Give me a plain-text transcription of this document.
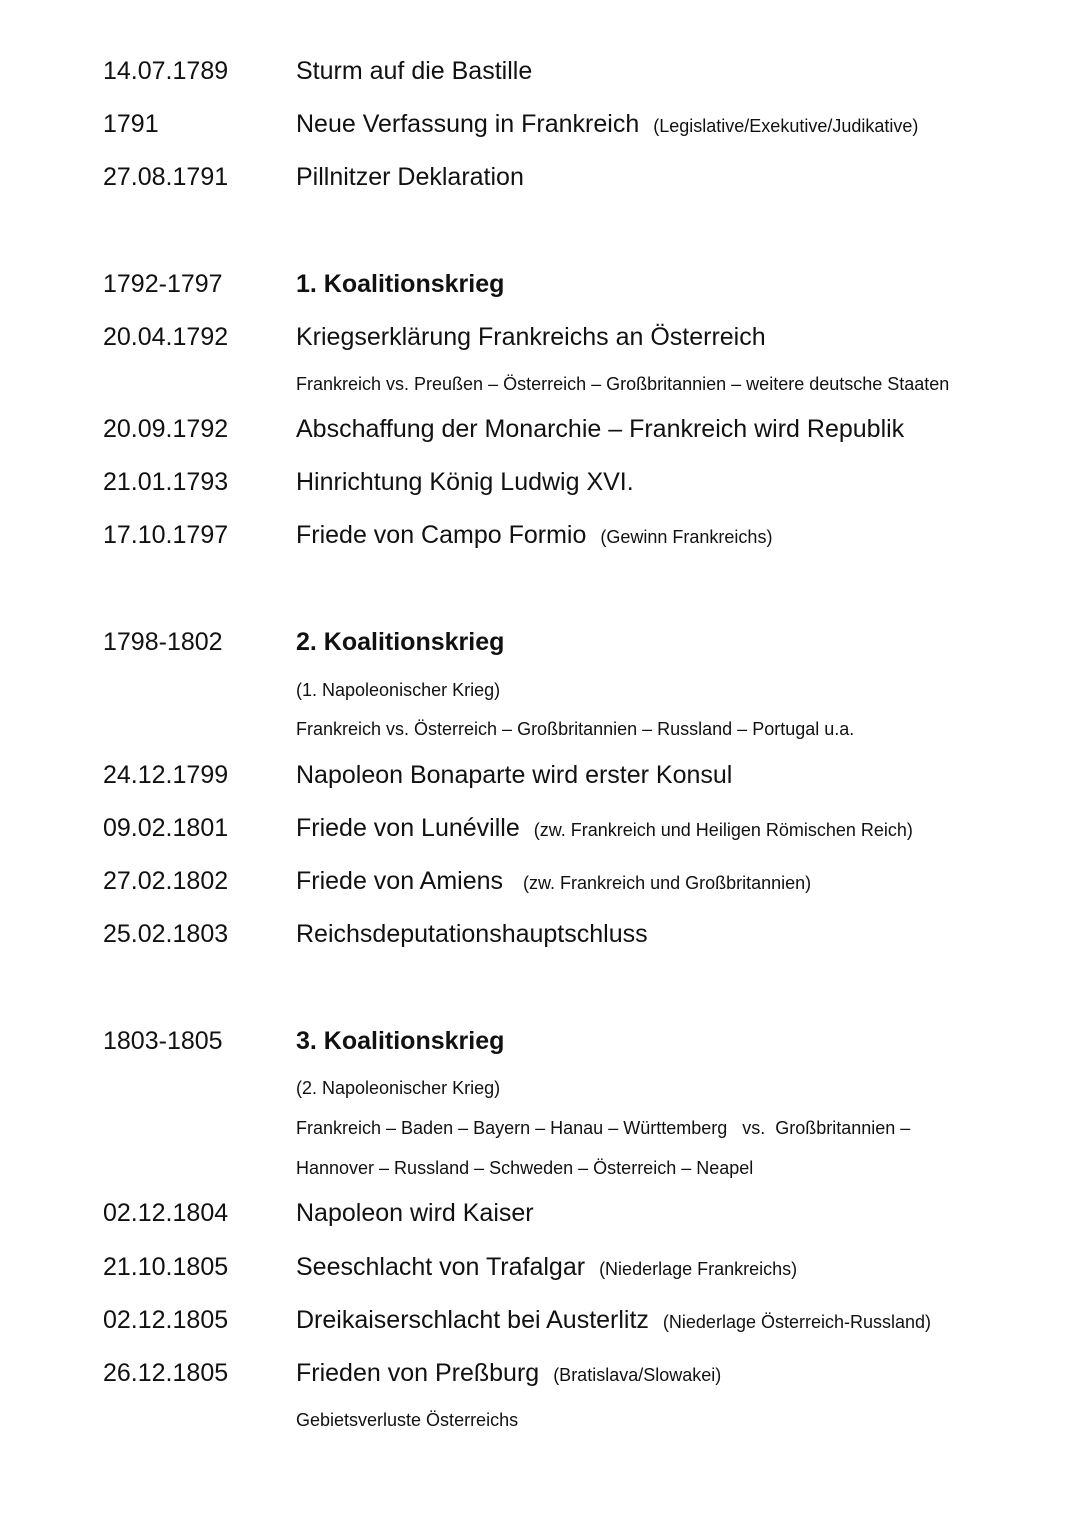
14.07.1789	Sturm auf die Bastille
1791	Neue Verfassung in Frankreich (Legislative/Exekutive/Judikative)
27.08.1791	Pillnitzer Deklaration
1792-1797	1. Koalitionskrieg
20.04.1792	Kriegserklärung Frankreichs an Österreich
Frankreich vs. Preußen – Österreich – Großbritannien – weitere deutsche Staaten
20.09.1792	Abschaffung der Monarchie – Frankreich wird Republik
21.01.1793	Hinrichtung König Ludwig XVI.
17.10.1797	Friede von Campo Formio (Gewinn Frankreichs)
1798-1802	2. Koalitionskrieg
(1. Napoleonischer Krieg)
Frankreich vs. Österreich – Großbritannien – Russland – Portugal u.a.
24.12.1799	Napoleon Bonaparte wird erster Konsul
09.02.1801	Friede von Lunéville (zw. Frankreich und Heiligen Römischen Reich)
27.02.1802	Friede von Amiens (zw. Frankreich und Großbritannien)
25.02.1803	Reichsdeputationshauptschluss
1803-1805	3. Koalitionskrieg
(2. Napoleonischer Krieg)
Frankreich – Baden – Bayern – Hanau – Württemberg   vs.  Großbritannien –
Hannover – Russland – Schweden – Österreich – Neapel
02.12.1804	Napoleon wird Kaiser
21.10.1805	Seeschlacht von Trafalgar (Niederlage Frankreichs)
02.12.1805	Dreikaiserschlacht bei Austerlitz (Niederlage Österreich-Russland)
26.12.1805	Frieden von Preßburg (Bratislava/Slowakei)
Gebietsverluste Österreichs
